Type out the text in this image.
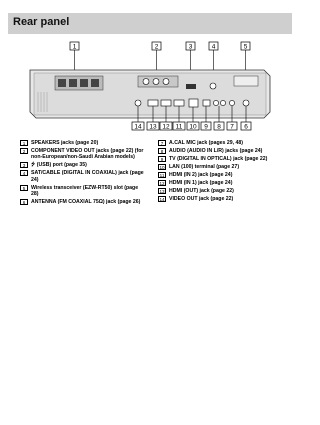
Rear panel
1	2	3	4	5
14 13 12 11 10 9 8 7 6
1	SPEAKERS jacks (page 20)
2	COMPONENT VIDEO OUT jacks (page 22) (for non-European/non-Saudi Arabian models)
3	⭍ (USB) port (page 35)
4	SAT/CABLE (DIGITAL IN COAXIAL) jack (page 24)
5	Wireless transceiver (EZW-RT50) slot (page 28)
6	ANTENNA (FM COAXIAL 75Ω) jack (page 26)
7	A.CAL MIC jack (pages 29, 48)
8	AUDIO (AUDIO IN L/R) jacks (page 24)
9	TV (DIGITAL IN OPTICAL) jack (page 22)
10 LAN (100) terminal (page 27)
11 HDMI (IN 2) jack (page 24)
12 HDMI (IN 1) jack (page 24)
13 HDMI (OUT) jack (page 22)
14 VIDEO OUT jack (page 22)
